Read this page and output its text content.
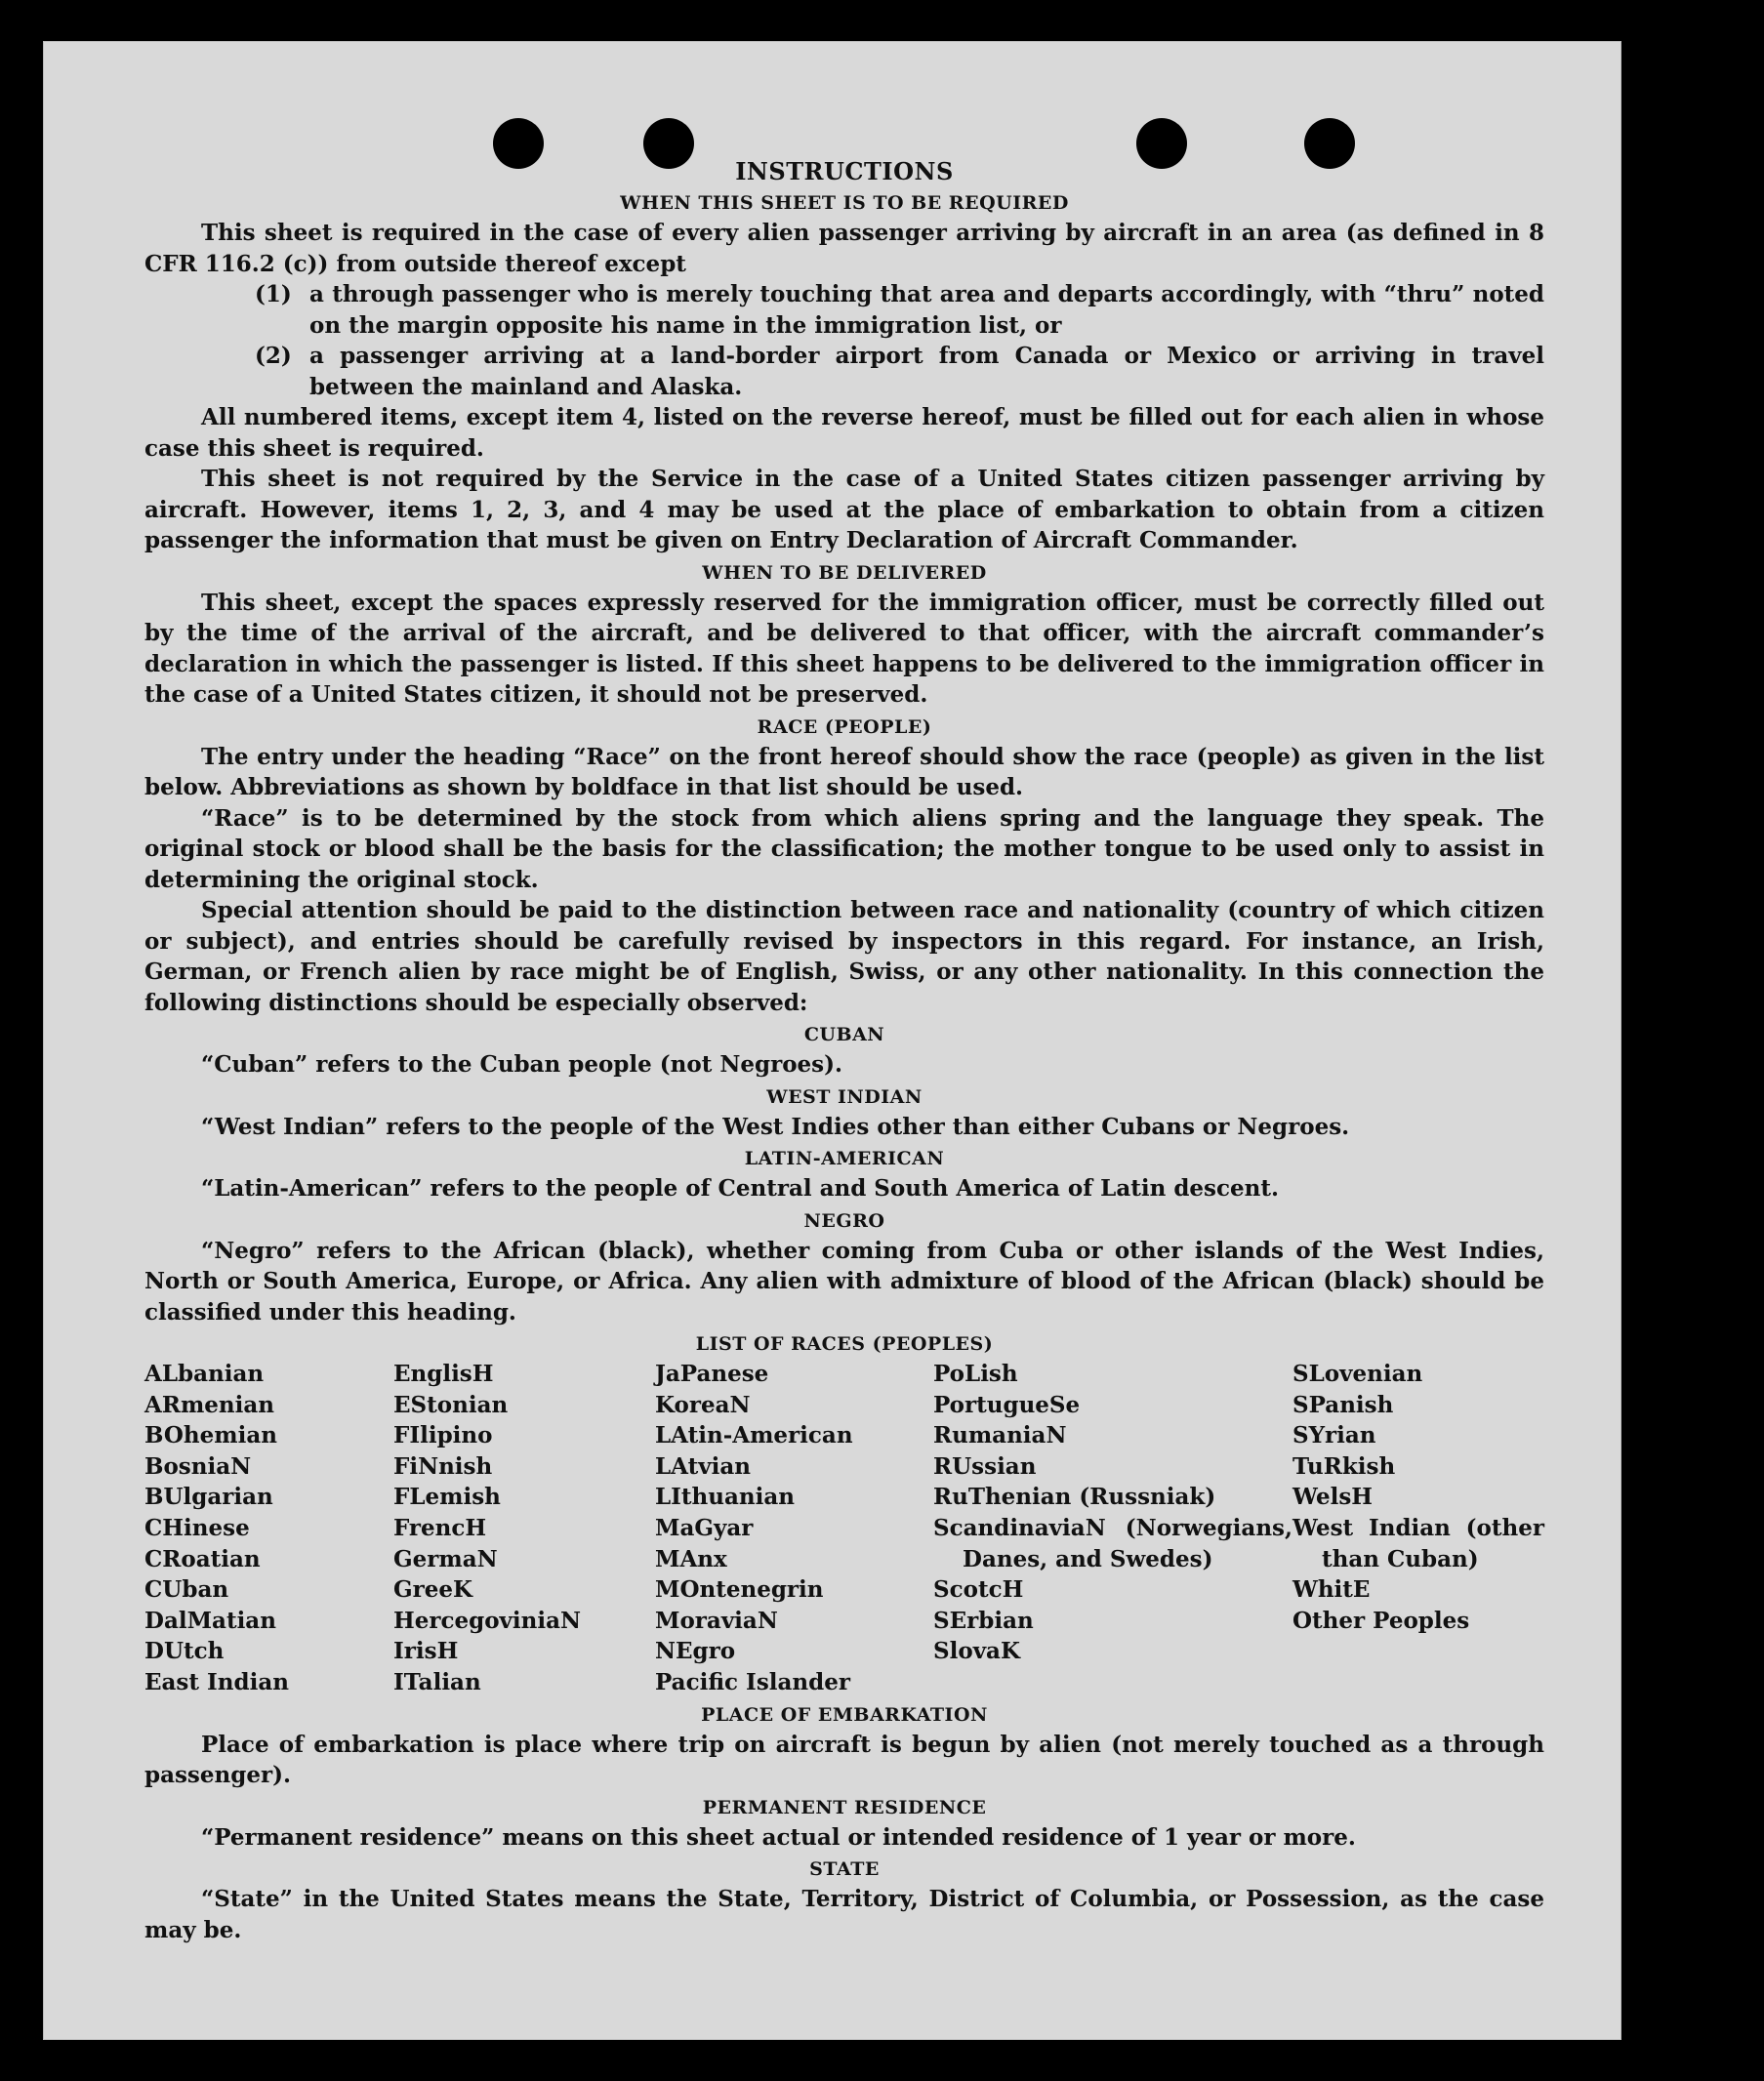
INSTRUCTIONS
WHEN THIS SHEET IS TO BE REQUIRED

This sheet is required in the case of every alien passenger arriving by aircraft in an area (as defined in 8 CFR 116.2 (c)) from outside thereof except

(1) a through passenger who is merely touching that area and departs accordingly, with “thru” noted on the margin opposite his name in the immigration list, or
(2) a passenger arriving at a land-border airport from Canada or Mexico or arriving in travel between the mainland and Alaska.

All numbered items, except item 4, listed on the reverse hereof, must be filled out for each alien in whose case this sheet is required.

This sheet is not required by the Service in the case of a United States citizen passenger arriving by aircraft. However, items 1, 2, 3, and 4 may be used at the place of embarkation to obtain from a citizen passenger the information that must be given on Entry Declaration of Aircraft Commander.

WHEN TO BE DELIVERED

This sheet, except the spaces expressly reserved for the immigration officer, must be correctly filled out by the time of the arrival of the aircraft, and be delivered to that officer, with the aircraft commander’s declaration in which the passenger is listed. If this sheet happens to be delivered to the immigration officer in the case of a United States citizen, it should not be preserved.

RACE (PEOPLE)

The entry under the heading “Race” on the front hereof should show the race (people) as given in the list below. Abbreviations as shown by boldface in that list should be used.

“Race” is to be determined by the stock from which aliens spring and the language they speak. The original stock or blood shall be the basis for the classification; the mother tongue to be used only to assist in determining the original stock.

Special attention should be paid to the distinction between race and nationality (country of which citizen or subject), and entries should be carefully revised by inspectors in this regard. For instance, an Irish, German, or French alien by race might be of English, Swiss, or any other nationality. In this connection the following distinctions should be especially observed:

CUBAN

“Cuban” refers to the Cuban people (not Negroes).

WEST INDIAN

“West Indian” refers to the people of the West Indies other than either Cubans or Negroes.

LATIN-AMERICAN

“Latin-American” refers to the people of Central and South America of Latin descent.

NEGRO

“Negro” refers to the African (black), whether coming from Cuba or other islands of the West Indies, North or South America, Europe, or Africa. Any alien with admixture of blood of the African (black) should be classified under this heading.

LIST OF RACES (PEOPLES)
ALbanian
ARmenian
BOhemian
BosniaN
BUlgarian
CHinese
CRoatian
CUban
DalMatian
DUtch
East Indian
EnglisH
EStonian
FIlipino
FiNnish
FLemish
FrencH
GermaN
GreeK
HercegoviniaN
IrisH
ITalian
JaPanese
KoreaN
LAtin-American
LAtvian
LIthuanian
MaGyar
MAnx
MOntenegrin
MoraviaN
NEgro
Pacific Islander
PoLish
PortugueSe
RumaniaN
RUssian
RuThenian (Russniak)
ScandinaviaN (Norwegians, Danes, and Swedes)
ScotcH
SErbian
SlovaK
SLovenian
SPanish
SYrian
TuRkish
WelsH
West Indian (other than Cuban)
WhitE
Other Peoples
PLACE OF EMBARKATION

Place of embarkation is place where trip on aircraft is begun by alien (not merely touched as a through passenger).

PERMANENT RESIDENCE

“Permanent residence” means on this sheet actual or intended residence of 1 year or more.

STATE

“State” in the United States means the State, Territory, District of Columbia, or Possession, as the case may be.
